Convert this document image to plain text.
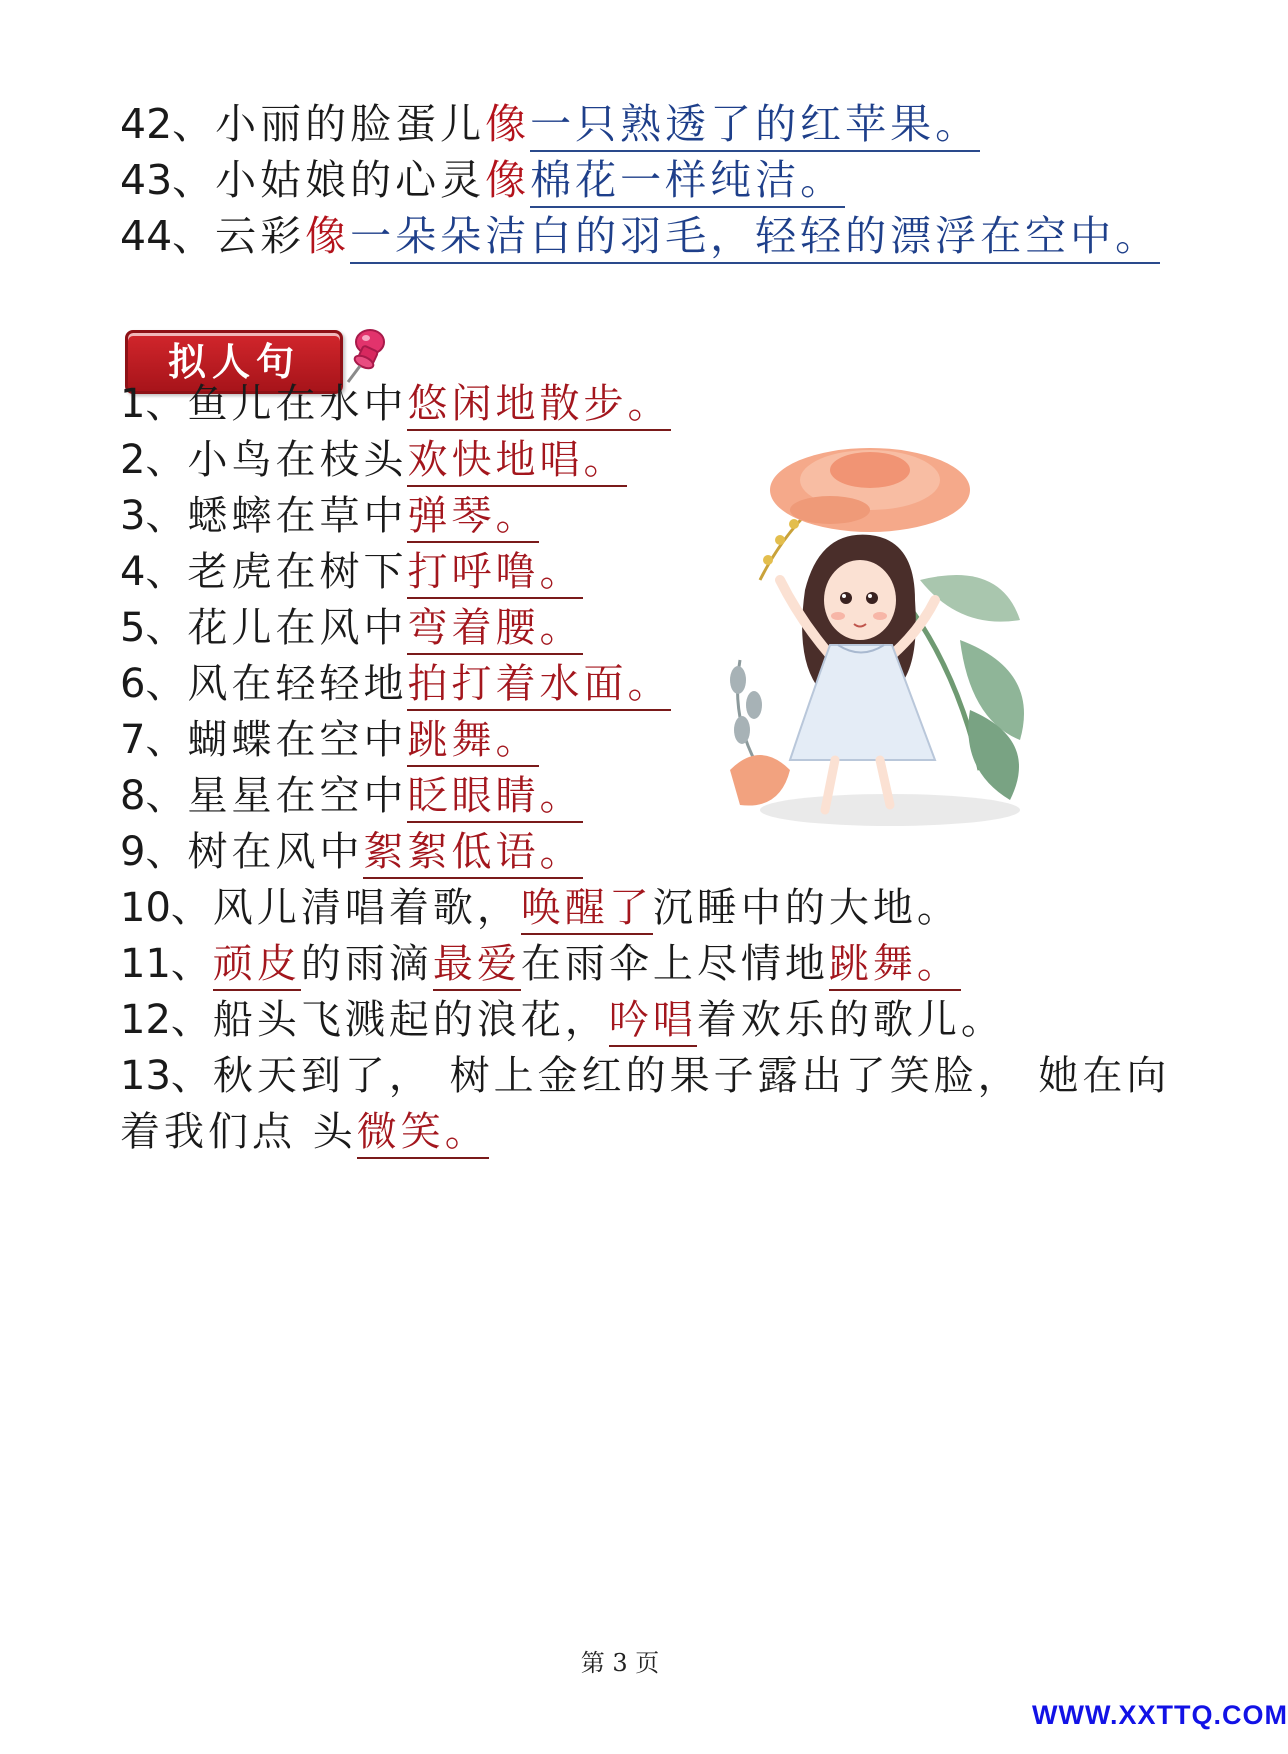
42、小丽的脸蛋儿像一只熟透了的红苹果。
43、小姑娘的心灵像棉花一样纯洁。
44、云彩像一朵朵洁白的羽毛，轻轻的漂浮在空中。
拟人句
1、鱼儿在水中悠闲地散步。
2、小鸟在枝头欢快地唱。
3、蟋蟀在草中弹琴。
4、老虎在树下打呼噜。
5、花儿在风中弯着腰。
6、风在轻轻地拍打着水面。
7、蝴蝶在空中跳舞。
8、星星在空中眨眼睛。
9、树在风中絮絮低语。
10、风儿清唱着歌，唤醒了沉睡中的大地。
11、顽皮的雨滴最爱在雨伞上尽情地跳舞。
12、船头飞溅起的浪花，吟唱着欢乐的歌儿。
13、秋天到了， 树上金红的果子露出了笑脸， 她在向
着我们点 头微笑。
第 3 页
WWW.XXTTQ.COM
